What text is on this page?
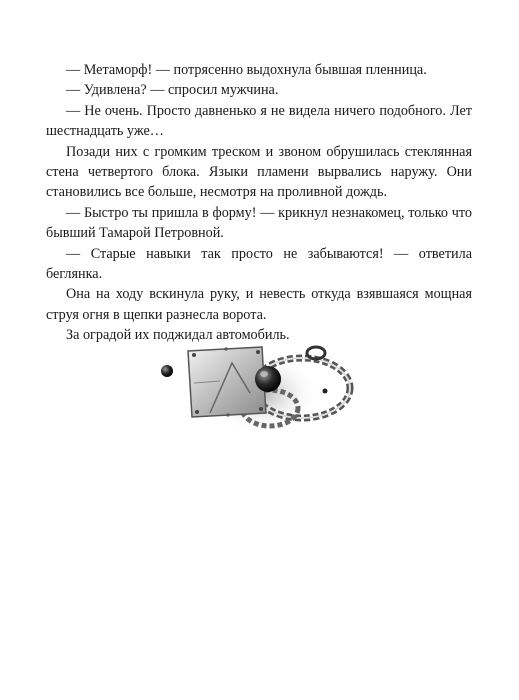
— Метаморф! — потрясенно выдохнула бывшая пленница.

— Удивлена? — спросил мужчина.

— Не очень. Просто давненько я не видела ничего подобного. Лет шестнадцать уже…

Позади них с громким треском и звоном обрушилась стеклянная стена четвертого блока. Языки пламени вырвались наружу. Они становились все больше, несмотря на проливной дождь.

— Быстро ты пришла в форму! — крикнул незнакомец, только что бывший Тамарой Петровной.

— Старые навыки так просто не забываются! — ответила беглянка.

Она на ходу вскинула руку, и невесть откуда взявшаяся мощная струя огня в щепки разнесла ворота.

За оградой их поджидал автомобиль.
